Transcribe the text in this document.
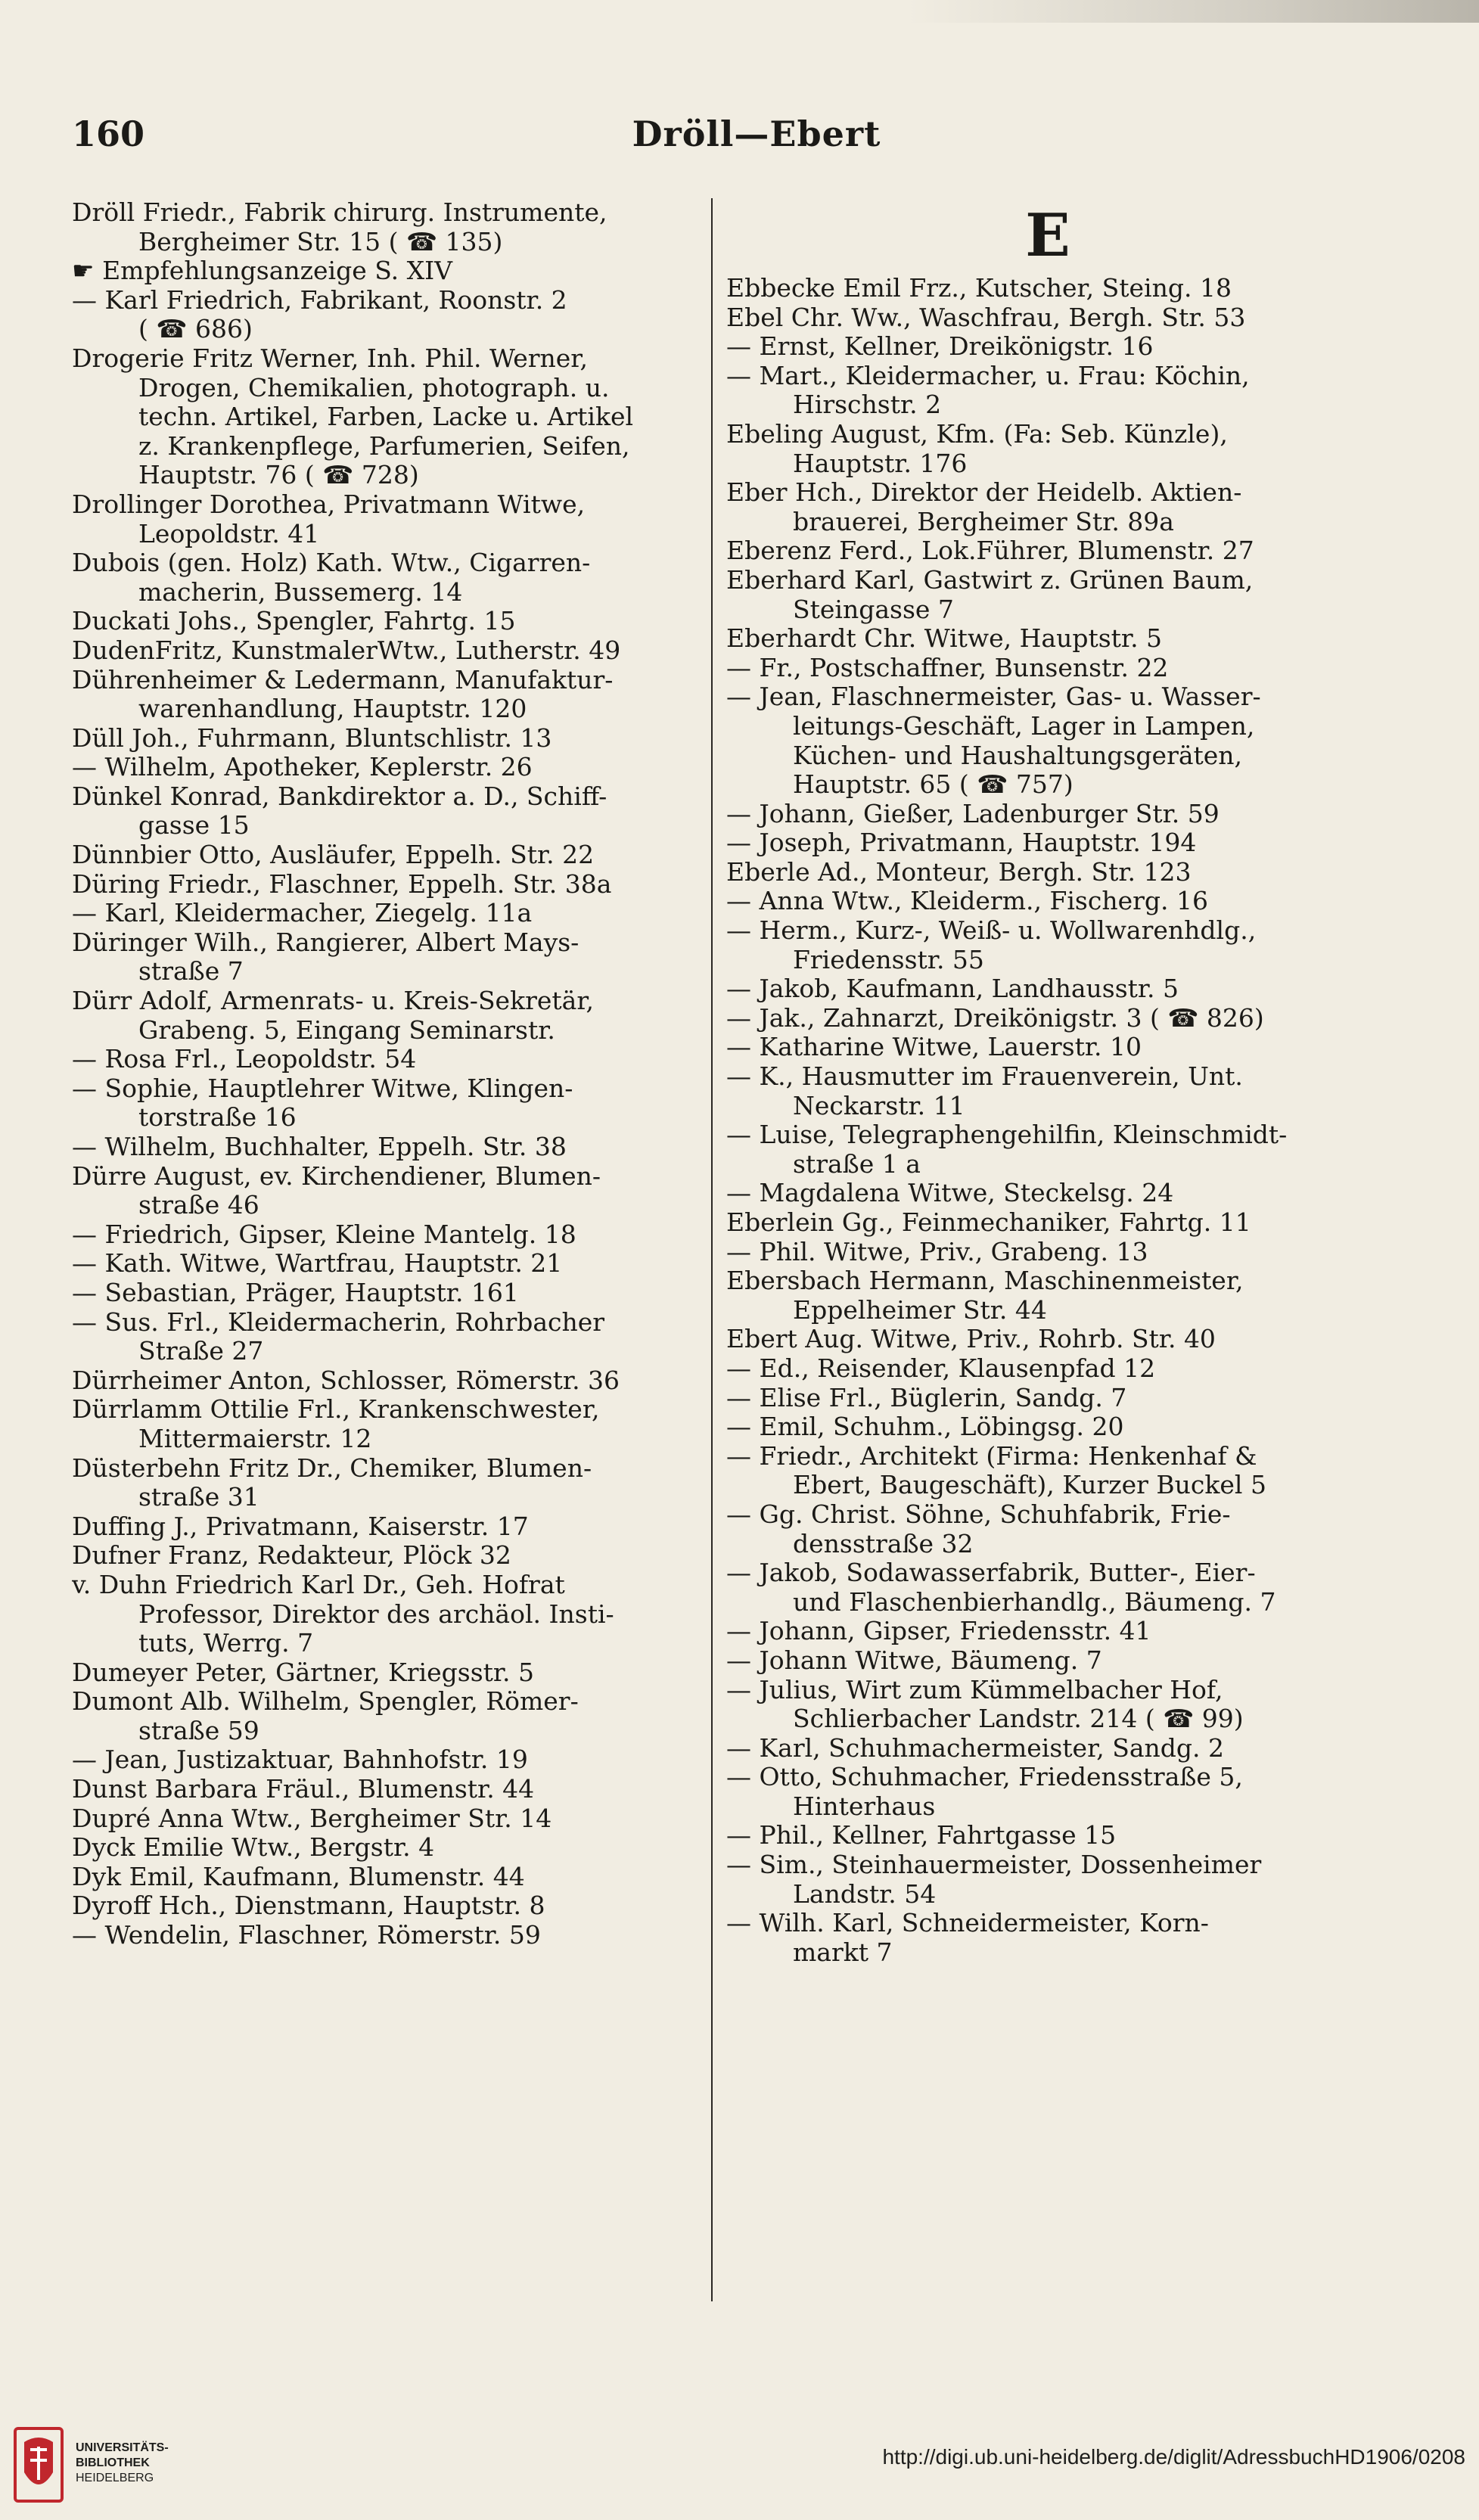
160	Dröll—Ebert
Dröll Friedr., Fabrik chirurg. Instrumente,
Bergheimer Str. 15 ( ☎ 135)
☛ Empfehlungsanzeige S. XIV
— Karl Friedrich, Fabrikant, Roonstr. 2
( ☎ 686)
Drogerie Fritz Werner, Inh. Phil. Werner,
Drogen, Chemikalien, photograph. u.
techn. Artikel, Farben, Lacke u. Artikel
z. Krankenpflege, Parfumerien, Seifen,
Hauptstr. 76 ( ☎ 728)
Drollinger Dorothea, Privatmann Witwe,
Leopoldstr. 41
Dubois (gen. Holz) Kath. Wtw., Cigarren-
macherin, Bussemerg. 14
Duckati Johs., Spengler, Fahrtg. 15
DudenFritz, KunstmalerWtw., Lutherstr. 49
Dührenheimer & Ledermann, Manufaktur-
warenhandlung, Hauptstr. 120
Düll Joh., Fuhrmann, Bluntschlistr. 13
— Wilhelm, Apotheker, Keplerstr. 26
Dünkel Konrad, Bankdirektor a. D., Schiff-
gasse 15
Dünnbier Otto, Ausläufer, Eppelh. Str. 22
Düring Friedr., Flaschner, Eppelh. Str. 38a
— Karl, Kleidermacher, Ziegelg. 11a
Düringer Wilh., Rangierer, Albert Mays-
straße 7
Dürr Adolf, Armenrats- u. Kreis-Sekretär,
Grabeng. 5, Eingang Seminarstr.
— Rosa Frl., Leopoldstr. 54
— Sophie, Hauptlehrer Witwe, Klingen-
torstraße 16
— Wilhelm, Buchhalter, Eppelh. Str. 38
Dürre August, ev. Kirchendiener, Blumen-
straße 46
— Friedrich, Gipser, Kleine Mantelg. 18
— Kath. Witwe, Wartfrau, Hauptstr. 21
— Sebastian, Präger, Hauptstr. 161
— Sus. Frl., Kleidermacherin, Rohrbacher
Straße 27
Dürrheimer Anton, Schlosser, Römerstr. 36
Dürrlamm Ottilie Frl., Krankenschwester,
Mittermaierstr. 12
Düsterbehn Fritz Dr., Chemiker, Blumen-
straße 31
Duffing J., Privatmann, Kaiserstr. 17
Dufner Franz, Redakteur, Plöck 32
v. Duhn Friedrich Karl Dr., Geh. Hofrat
Professor, Direktor des archäol. Insti-
tuts, Werrg. 7
Dumeyer Peter, Gärtner, Kriegsstr. 5
Dumont Alb. Wilhelm, Spengler, Römer-
straße 59
— Jean, Justizaktuar, Bahnhofstr. 19
Dunst Barbara Fräul., Blumenstr. 44
Dupré Anna Wtw., Bergheimer Str. 14
Dyck Emilie Wtw., Bergstr. 4
Dyk Emil, Kaufmann, Blumenstr. 44
Dyroff Hch., Dienstmann, Hauptstr. 8
— Wendelin, Flaschner, Römerstr. 59
E
Ebbecke Emil Frz., Kutscher, Steing. 18
Ebel Chr. Ww., Waschfrau, Bergh. Str. 53
— Ernst, Kellner, Dreikönigstr. 16
— Mart., Kleidermacher, u. Frau: Köchin,
Hirschstr. 2
Ebeling August, Kfm. (Fa: Seb. Künzle),
Hauptstr. 176
Eber Hch., Direktor der Heidelb. Aktien-
brauerei, Bergheimer Str. 89a
Eberenz Ferd., Lok.Führer, Blumenstr. 27
Eberhard Karl, Gastwirt z. Grünen Baum,
Steingasse 7
Eberhardt Chr. Witwe, Hauptstr. 5
— Fr., Postschaffner, Bunsenstr. 22
— Jean, Flaschnermeister, Gas- u. Wasser-
leitungs-Geschäft, Lager in Lampen,
Küchen- und Haushaltungsgeräten,
Hauptstr. 65 ( ☎ 757)
— Johann, Gießer, Ladenburger Str. 59
— Joseph, Privatmann, Hauptstr. 194
Eberle Ad., Monteur, Bergh. Str. 123
— Anna Wtw., Kleiderm., Fischerg. 16
— Herm., Kurz-, Weiß- u. Wollwarenhdlg.,
Friedensstr. 55
— Jakob, Kaufmann, Landhausstr. 5
— Jak., Zahnarzt, Dreikönigstr. 3 ( ☎ 826)
— Katharine Witwe, Lauerstr. 10
— K., Hausmutter im Frauenverein, Unt.
Neckarstr. 11
— Luise, Telegraphengehilfin, Kleinschmidt-
straße 1 a
— Magdalena Witwe, Steckelsg. 24
Eberlein Gg., Feinmechaniker, Fahrtg. 11
— Phil. Witwe, Priv., Grabeng. 13
Ebersbach Hermann, Maschinenmeister,
Eppelheimer Str. 44
Ebert Aug. Witwe, Priv., Rohrb. Str. 40
— Ed., Reisender, Klausenpfad 12
— Elise Frl., Büglerin, Sandg. 7
— Emil, Schuhm., Löbingsg. 20
— Friedr., Architekt (Firma: Henkenhaf &
Ebert, Baugeschäft), Kurzer Buckel 5
— Gg. Christ. Söhne, Schuhfabrik, Frie-
densstraße 32
— Jakob, Sodawasserfabrik, Butter-, Eier-
und Flaschenbierhandlg., Bäumeng. 7
— Johann, Gipser, Friedensstr. 41
— Johann Witwe, Bäumeng. 7
— Julius, Wirt zum Kümmelbacher Hof,
Schlierbacher Landstr. 214 ( ☎ 99)
— Karl, Schuhmachermeister, Sandg. 2
— Otto, Schuhmacher, Friedensstraße 5,
Hinterhaus
— Phil., Kellner, Fahrtgasse 15
— Sim., Steinhauermeister, Dossenheimer
Landstr. 54
— Wilh. Karl, Schneidermeister, Korn-
markt 7
UNIVERSITÄTS-
BIBLIOTHEK
HEIDELBERG
http://digi.ub.uni-heidelberg.de/diglit/AdressbuchHD1906/0208
